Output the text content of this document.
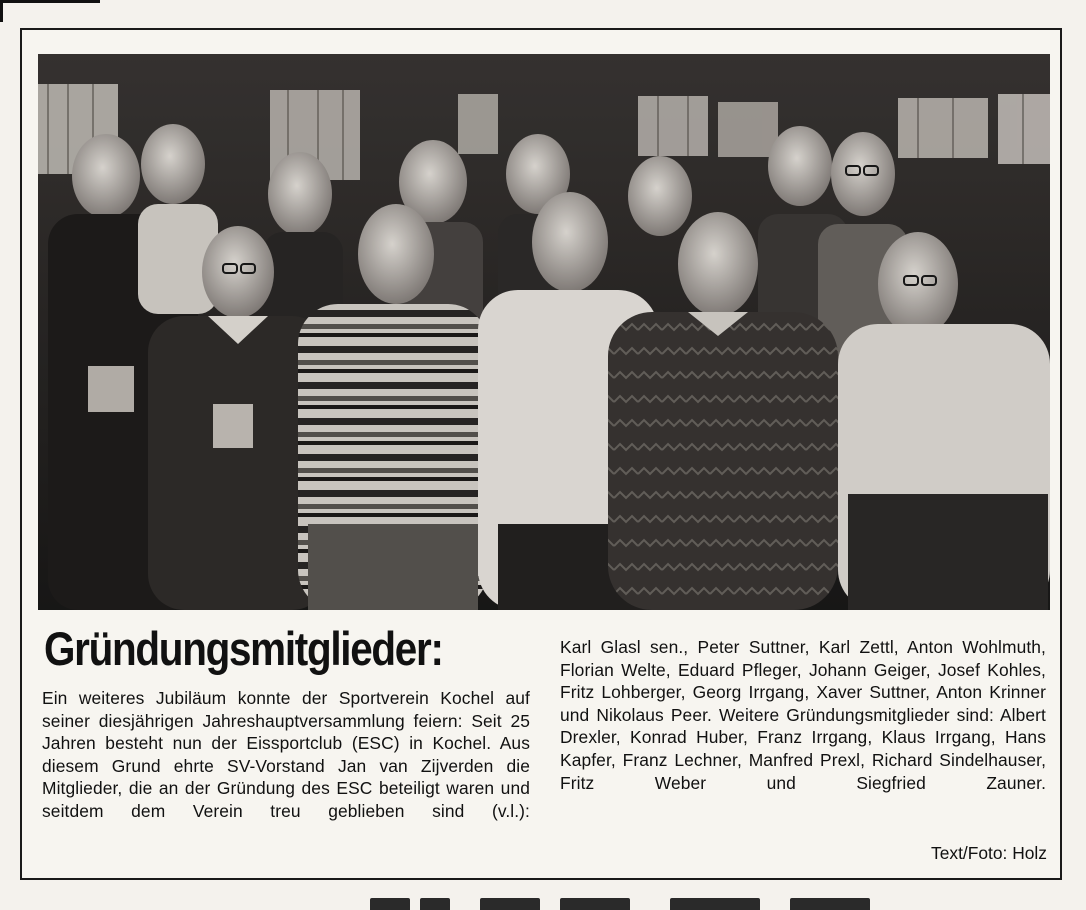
Gründungsmitglieder:
Ein weiteres Jubiläum konnte der Sportverein Kochel auf seiner diesjährigen Jahreshauptversammlung feiern: Seit 25 Jahren besteht nun der Eissportclub (ESC) in Kochel. Aus diesem Grund ehrte SV-Vorstand Jan van Zijverden die Mitglieder, die an der Gründung des ESC beteiligt waren und seitdem dem Verein treu geblieben sind (v.l.):
Karl Glasl sen., Peter Suttner, Karl Zettl, Anton Wohlmuth, Florian Welte, Eduard Pfleger, Johann Geiger, Josef Kohles, Fritz Lohberger, Georg Irrgang, Xaver Suttner, Anton Krinner und Nikolaus Peer. Weitere Gründungsmitglieder sind: Albert Drexler, Konrad Huber, Franz Irrgang, Klaus Irrgang, Hans Kapfer, Franz Lechner, Manfred Prexl, Richard Sindelhauser, Fritz Weber und Siegfried Zauner.
Text/Foto: Holz
